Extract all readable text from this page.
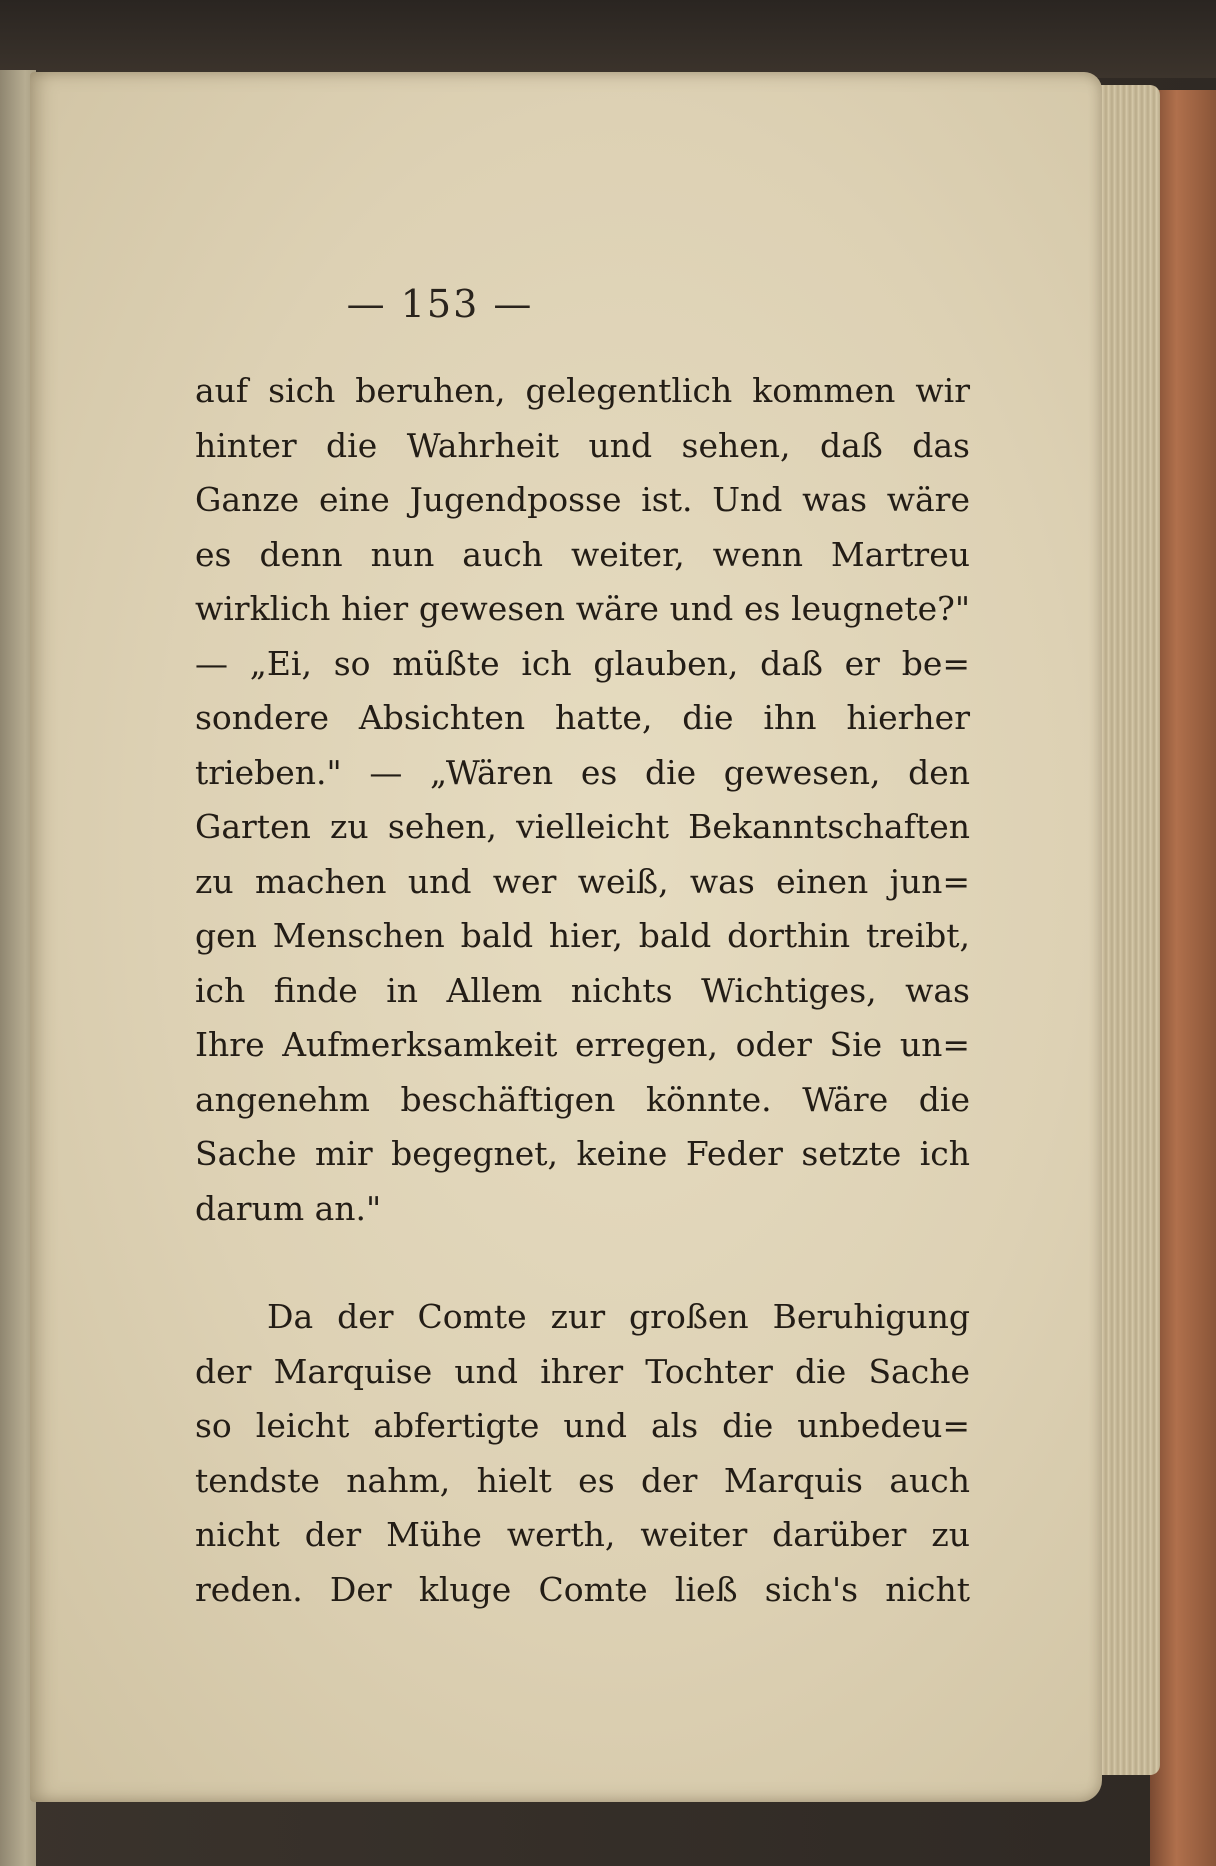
— 153 —
auf sich beruhen, gelegentlich kommen wir
hinter die Wahrheit und sehen, daß das
Ganze eine Jugendposse ist. Und was wäre
es denn nun auch weiter, wenn Martreu
wirklich hier gewesen wäre und es leugnete?"
— „Ei, so müßte ich glauben, daß er be=
sondere Absichten hatte, die ihn hierher
trieben." — „Wären es die gewesen, den
Garten zu sehen, vielleicht Bekanntschaften
zu machen und wer weiß, was einen jun=
gen Menschen bald hier, bald dorthin treibt,
ich finde in Allem nichts Wichtiges, was
Ihre Aufmerksamkeit erregen, oder Sie un=
angenehm beschäftigen könnte. Wäre die
Sache mir begegnet, keine Feder setzte ich
darum an."
Da der Comte zur großen Beruhigung
der Marquise und ihrer Tochter die Sache
so leicht abfertigte und als die unbedeu=
tendste nahm, hielt es der Marquis auch
nicht der Mühe werth, weiter darüber zu
reden. Der kluge Comte ließ sich's nicht
